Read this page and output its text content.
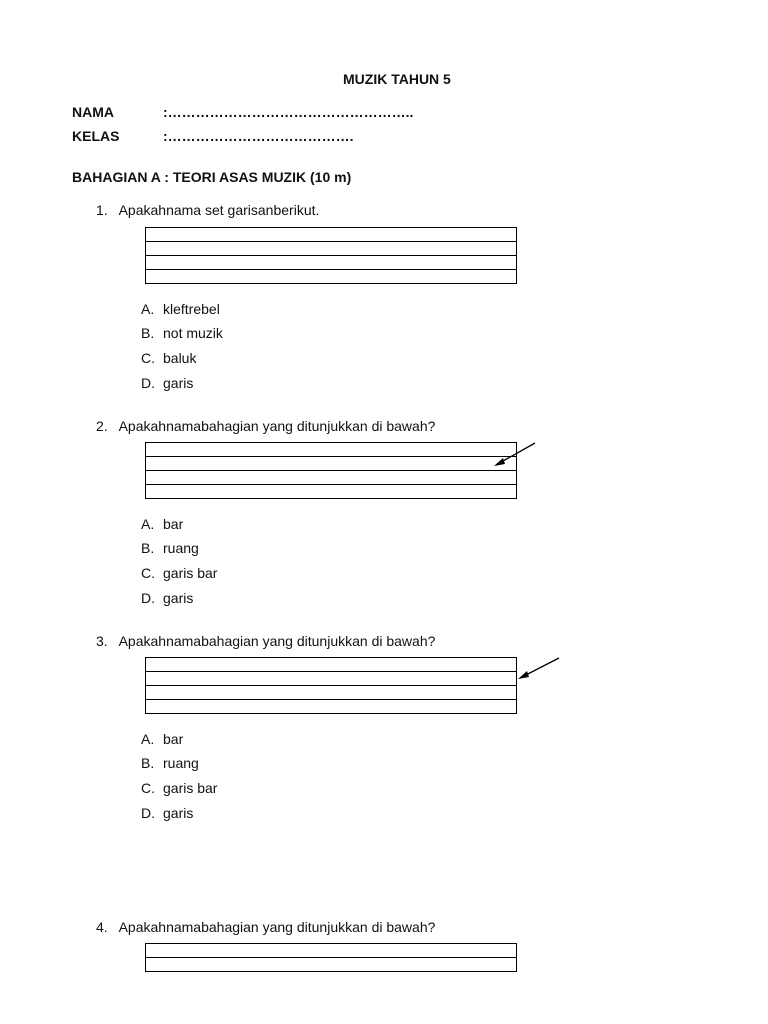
MUZIK TAHUN 5
NAMA	:……………………………………………..
KELAS	:………………………………….
BAHAGIAN A : TEORI ASAS MUZIK (10 m)
1. Apakahnama set garisanberikut.
A. kleftrebel
B. not muzik
C. baluk
D. garis
2. Apakahnamabahagian yang ditunjukkan di bawah?
A. bar
B. ruang
C. garis bar
D. garis
3. Apakahnamabahagian yang ditunjukkan di bawah?
A. bar
B. ruang
C. garis bar
D. garis
4. Apakahnamabahagian yang ditunjukkan di bawah?
